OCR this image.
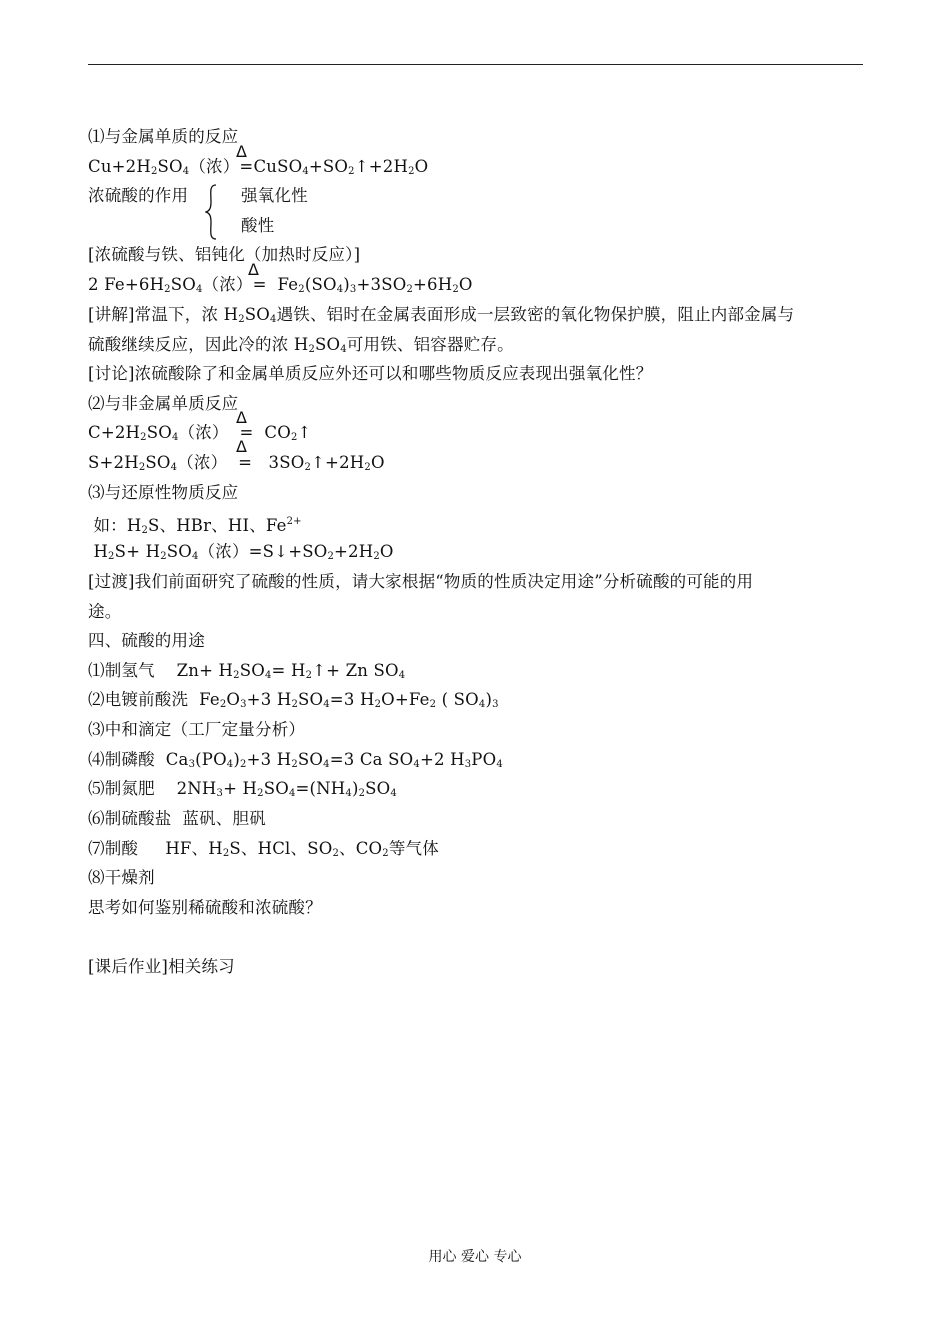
⑴与金属单质的反应
Δ
$Cu+2H_2SO_4$（浓）$=CuSO_4+SO_2↑+2H_2O$
浓硫酸的作用	强氧化性
酸性
[浓硫酸与铁、铝钝化（加热时反应）]
Δ
2 $Fe+6H_2SO_4$（浓）=  $Fe_2(SO_4)_3+3SO_2+6H_2O$
[讲解]常温下，浓 $H_2SO_4$遇铁、铝时在金属表面形成一层致密的氧化物保护膜，阻止内部金属与
硫酸继续反应，因此冷的浓 $H_2SO_4$可用铁、铝容器贮存。
[讨论]浓硫酸除了和金属单质反应外还可以和哪些物质反应表现出强氧化性？
⑵与非金属单质反应
Δ
$C+2H_2SO_4$（浓）  =  $CO_2↑$
Δ
$S+2H_2SO_4$（浓）  =   $3SO_2↑+2H_2O$
⑶与还原性物质反应
如：$H_2S$、HBr、HI、$Fe^{2+}$
$H_2S+ H_2SO_4$（浓）$=S↓+SO_2+2H_2O$
[过渡]我们前面研究了硫酸的性质，请大家根据“物质的性质决定用途”分析硫酸的可能的用
途。
四、硫酸的用途
⑴制氢气    $Zn+ H_2SO_4=$ $H_2↑+ Zn$ $SO_4$
⑵电镀前酸洗  $Fe_2O_3+3$ $H_2SO_4=3$ $H_2O+Fe_2$ ( $SO_4)_3$
⑶中和滴定（工厂定量分析）
⑷制磷酸  $Ca_3(PO_4)_2+3$ $H_2SO_4=3$ Ca $SO_4+2$ $H_3PO_4$
⑸制氮肥    $2NH_3+ H_2SO_4=(NH_4)_2SO_4$
⑹制硫酸盐  蓝矾、胆矾
⑺制酸     HF、$H_2S$、HCl、$SO_2$、$CO_2$等气体
⑻干燥剂
思考如何鉴别稀硫酸和浓硫酸？
[课后作业]相关练习
用心 爱心 专心
